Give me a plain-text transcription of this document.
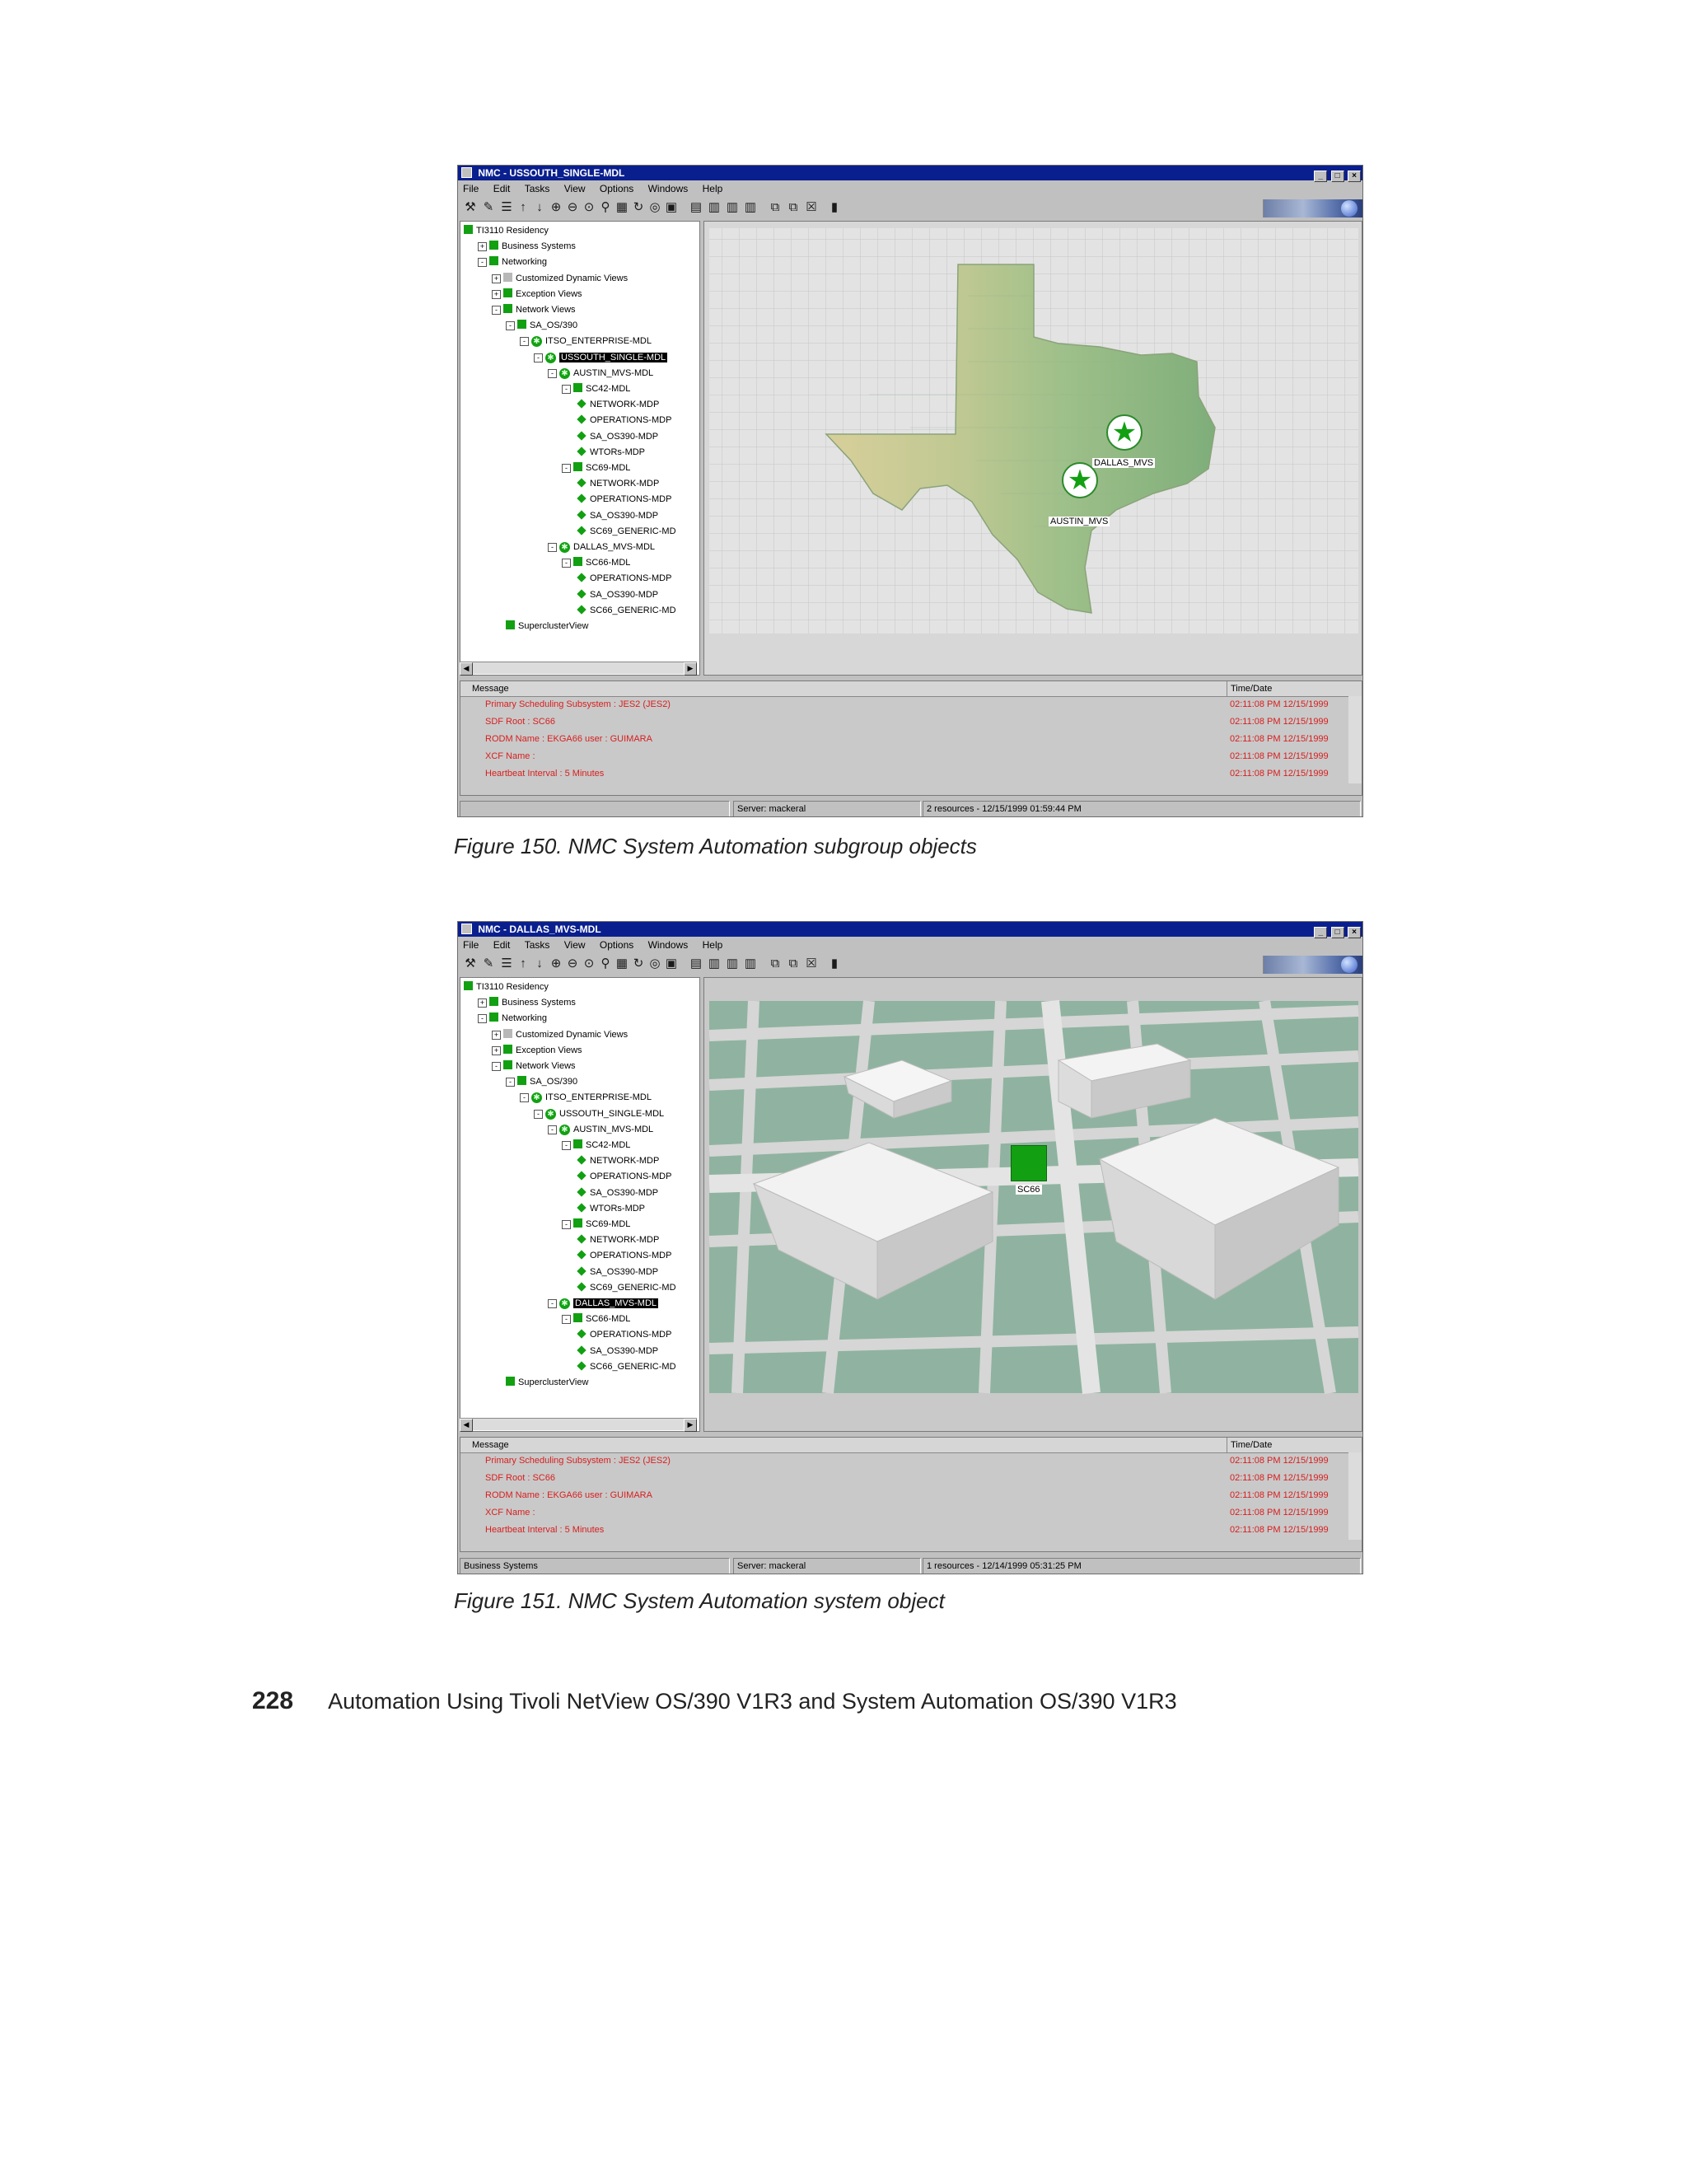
NMC - USSOUTH_SINGLE-MDL	_ □ ×
File Edit Tasks View Options Windows Help
⚒ ✎ ☰ ↑ ↓ ⊕ ⊖ ⊙ ⚲ ▦ ↻ ◎ ▣ ▤ ▥ ▥ ▥ ⧉ ⧉ ☒	▮
TI3110 Residency
+ Business Systems
- Networking
+ Customized Dynamic Views
+ Exception Views
- Network Views
- SA_OS/390
- ✱ ITSO_ENTERPRISE-MDL
- ✱ USSOUTH_SINGLE-MDL
- ✱ AUSTIN_MVS-MDL
- SC42-MDL
NETWORK-MDP
OPERATIONS-MDP
SA_OS390-MDP
WTORs-MDP
- SC69-MDL
NETWORK-MDP
OPERATIONS-MDP
SA_OS390-MDP
SC69_GENERIC-MD
- ✱ DALLAS_MVS-MDL
- SC66-MDL
OPERATIONS-MDP
SA_OS390-MDP
SC66_GENERIC-MD
SuperclusterView
◀	▶
★
DALLAS_MVS
★
AUSTIN_MVS
Message	Time/Date
Primary Scheduling Subsystem : JES2 (JES2)	02:11:08 PM 12/15/1999
SDF Root : SC66	02:11:08 PM 12/15/1999
RODM Name : EKGA66 user : GUIMARA	02:11:08 PM 12/15/1999
XCF Name :	02:11:08 PM 12/15/1999
Heartbeat Interval : 5 Minutes	02:11:08 PM 12/15/1999
Server: mackeral	2 resources - 12/15/1999 01:59:44 PM
Figure 150. NMC System Automation subgroup objects
NMC - DALLAS_MVS-MDL	_ □ ×
File Edit Tasks View Options Windows Help
⚒ ✎ ☰ ↑ ↓ ⊕ ⊖ ⊙ ⚲ ▦ ↻ ◎ ▣ ▤ ▥ ▥ ▥ ⧉ ⧉ ☒	▮
TI3110 Residency
+ Business Systems
- Networking
+ Customized Dynamic Views
+ Exception Views
- Network Views
- SA_OS/390
- ✱ ITSO_ENTERPRISE-MDL
- ✱ USSOUTH_SINGLE-MDL
- ✱ AUSTIN_MVS-MDL
- SC42-MDL
NETWORK-MDP
OPERATIONS-MDP
SA_OS390-MDP
WTORs-MDP
- SC69-MDL
NETWORK-MDP
OPERATIONS-MDP
SA_OS390-MDP
SC69_GENERIC-MD
- ✱ DALLAS_MVS-MDL
- SC66-MDL
OPERATIONS-MDP
SA_OS390-MDP
SC66_GENERIC-MD
SuperclusterView
◀	▶
SC66
Message	Time/Date
Primary Scheduling Subsystem : JES2 (JES2)	02:11:08 PM 12/15/1999
SDF Root : SC66	02:11:08 PM 12/15/1999
RODM Name : EKGA66 user : GUIMARA	02:11:08 PM 12/15/1999
XCF Name :	02:11:08 PM 12/15/1999
Heartbeat Interval : 5 Minutes	02:11:08 PM 12/15/1999
Business Systems	Server: mackeral	1 resources - 12/14/1999 05:31:25 PM
Figure 151. NMC System Automation system object
228 Automation Using Tivoli NetView OS/390 V1R3 and System Automation OS/390 V1R3
